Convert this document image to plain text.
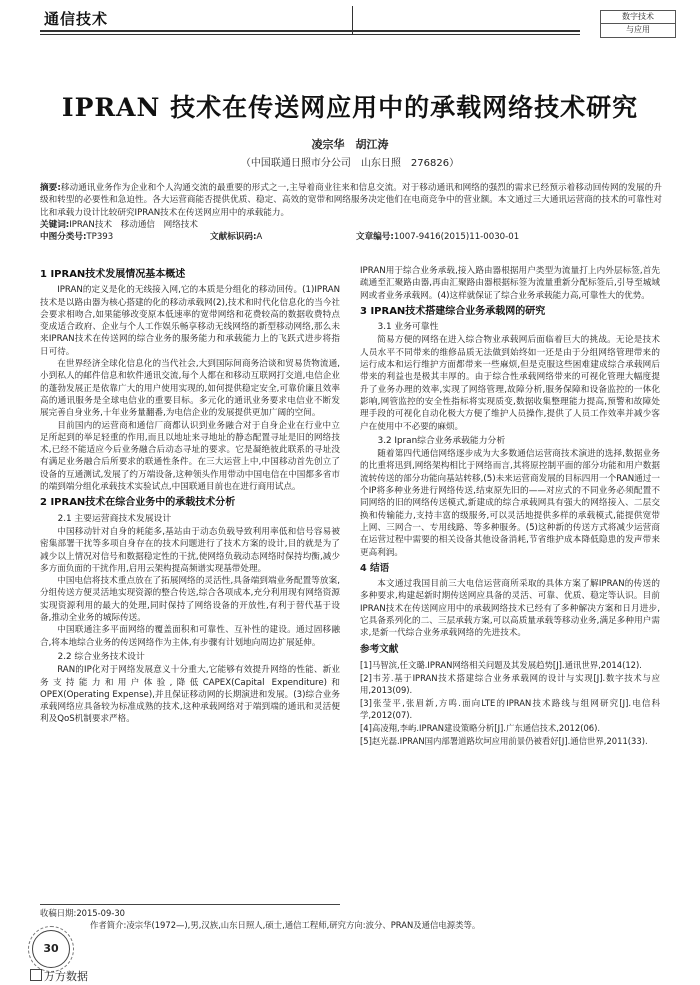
通信技术	数字技术
与应用
IPRAN 技术在传送网应用中的承载网络技术研究
凌宗华　胡江涛
（中国联通日照市分公司　山东日照　276826）
摘要:移动通讯业务作为企业和个人沟通交流的最重要的形式之一,主导着商业往来和信息交流。对于移动通讯和网络的强烈的需求已经预示着移动回传网的发展的升级和转型的必要性和急迫性。各大运营商能否提供优质、稳定、高效的宽带和网络服务决定他们在电商竞争中的营业额。本文通过三大通讯运营商的技术的可靠性对比和承载力设计比较研究IPRAN技术在传送网应用中的承载能力。
关键词:IPRAN技术　移动通信　网络技术
中图分类号:TP393	文献标识码:A	文章编号:1007-9416(2015)11-0030-01
1 IPRAN技术发展情况基本概述

IPRAN的定义是化的无线接入网,它的本质是分组化的移动回传。(1)IPRAN技术是以路由器为核心搭建的化的移动承载网(2),技术和时代化信息化的当今社会要求相吻合,如果能够改变原本低速率的宽带网络和花费较高的数据收费特点变成适合政府、企业与个人工作娱乐畅享移动无线网络的新型移动网络,那么未来IPRAN技术在传送网的综合业务的服务能力和承载能力上的飞跃式进步将指日可待。

在世界经济全球化信息化的当代社会,大到国际间商务洽谈和贸易货物流通,小到私人的邮件信息和软件通讯交流,每个人都在和移动互联网打交道,电信企业的蓬勃发展正是依靠广大的用户使用实现的,如何提供稳定安全,可靠价廉且效率高的通讯服务是全球电信业的重要目标。多元化的通讯业务要求电信业不断发展完善自身业务,十年业务量翻番,为电信企业的发展提供更加广阔的空间。

目前国内的运营商和通信厂商都认识到业务融合对于自身企业在行业中立足所起到的举足轻重的作用,而且以地址来寻地址的静态配置寻址是旧的网络技术,已经不能适应今后业务融合后动态寻址的要求。它是凝绝彼此联系的寻址没有满足业务融合后所要求的联通性条件。在三大运营上中,中国移动首先创立了设备的互通测试,发展了约万端设备,这种领头作用带动中国电信在中国都多省市的端到端分组化承载技术实验试点,中国联通目前也在进行商用试点。

2 IPRAN技术在综合业务中的承载技术分析
2.1 主要运营商技术发展设计

中国移动针对自身的耗能多,基站由于动态负载导致利用率低和信号容易被密集部署干扰等多项自身存在的技术问题进行了技术方案的设计,目的就是为了减少以上情况对信号和数据稳定性的干扰,使网络负载动态网络时保持均衡,减少多方面负面的干扰作用,启用云架构提高频谱实现基带处理。

中国电信将技术重点放在了拓展网络的灵活性,具备端到端业务配置等放案,分组传送方便灵活地实现资源的整合传送,综合各项成本,充分利用现有网络资源实现资源利用的最大的处理,同时保持了网络设备的开放性,有利于替代基于设备,推动全业务的城际传送。

中国联通注多平面网络的覆盖面积和可靠性、互补性的建设。通过固移融合,将本地综合业务的传送网络作为主体,有步骤有计划地向周边扩展延伸。

2.2 综合业务技术设计

RAN的IP化对于网络发展意义十分重大,它能够有效提升网络的性能、新业务支持能力和用户体验,降低CAPEX(Capital Expenditure)和OPEX(Operating Expense),并且保证移动网的长期演进和发展。(3)综合业务承载网络应具备较为标准成熟的技术,这种承载网络对于端到端的通讯和灵活便利及QoS机制要求严格。

IPRAN用于综合业务承载,接入路由器根据用户类型为流量打上内外层标签,首先疏通至汇聚路由器,再由汇聚路由器根据标签为流量重新分配标签后,引导至城域网或者业务承载网。(4)这样就保证了综合业务承载能力高,可靠性大的优势。

3 IPRAN技术搭建综合业务承载网的研究
3.1 业务可靠性

简易方便的网络在进入综合物业承载网后面临着巨大的挑战。无论是技术人员水平不同带来的维修品质无法做到始终如一还是由于分组网络管理带来的运行成本和运行维护方面都带来一些麻烦,但是克服这些困难建成综合承载网后带来的利益也是极其丰厚的。由于综合性承载网络带来的可视化管理大幅度提升了业务办理的效率,实现了网络管理,故障分析,服务保障和设备监控的一体化影响,网管监控的安全性指标将实现质变,数据收集整理能力提高,预警和故障处理手段的可视化自动化极大方便了维护人员操作,提供了人员工作效率并减少客户在使用中不必要的麻烦。

3.2 Ipran综合业务承载能力分析

随着第四代通信网络逐步成为大多数通信运营商技术演进的选择,数据业务的比重将迅到,网络架构相比于网络而言,其将原控制平面的部分功能和用户数据流转传送的部分功能向基站转移,(5)未来运营商发展的目标四用一个RAN通过一个IP将多种业务进行网络传送,结束原先旧的——对应式的不同业务必须配置不同网络的旧的网络传送模式,新建成的综合承载网具有强大的网络接入、二层交换和传输能力,支持丰富的级服务,可以灵活地提供多样的承载模式,能提供宽带上网、三网合一、专用线路、等多种服务。(5)这种新的传送方式将减少运营商在运营过程中需要的相关设备其他设备消耗,节省维护成本降低隐患的发声带来更高利润。

4 结语

本文通过我国目前三大电信运营商所采取的具体方案了解IPRAN的传送的多种要求,构建起新时期传送网应具备的灵活、可靠、优质、稳定等认识。目前IPRAN技术在传送网应用中的承载网络技术已经有了多种解决方案和日月进步,它具备系列化的二、三层承载方案,可以高质量承载等移动业务,满足多种用户需求,是新一代综合业务承载网络的先进技术。

参考文献
[1]马智滨,任文璐.IPRAN网络相关问题及其发展趋势[J].通讯世界,2014(12).
[2]韦芳.基于IPRAN技术搭建综合业务承载网的设计与实现[J].数字技术与应用,2013(09).
[3]张莹平,张眉新,方鸣.面向LTE的IPRAN技术路线与组网研究[J].电信科学,2012(07).
[4]高凌翔,李屿.IPRAN建设策略分析[J].广东通信技术,2012(06).
[5]赵光磊.IPRAN国内部署道路坎坷应用前景仍被看好[J].通信世界,2011(33).
收稿日期:2015-09-30
作者简介:凌宗华(1972—),男,汉族,山东日照人,硕士,通信工程师,研究方向:波分、PRAN及通信电源类等。
30
万方数据
